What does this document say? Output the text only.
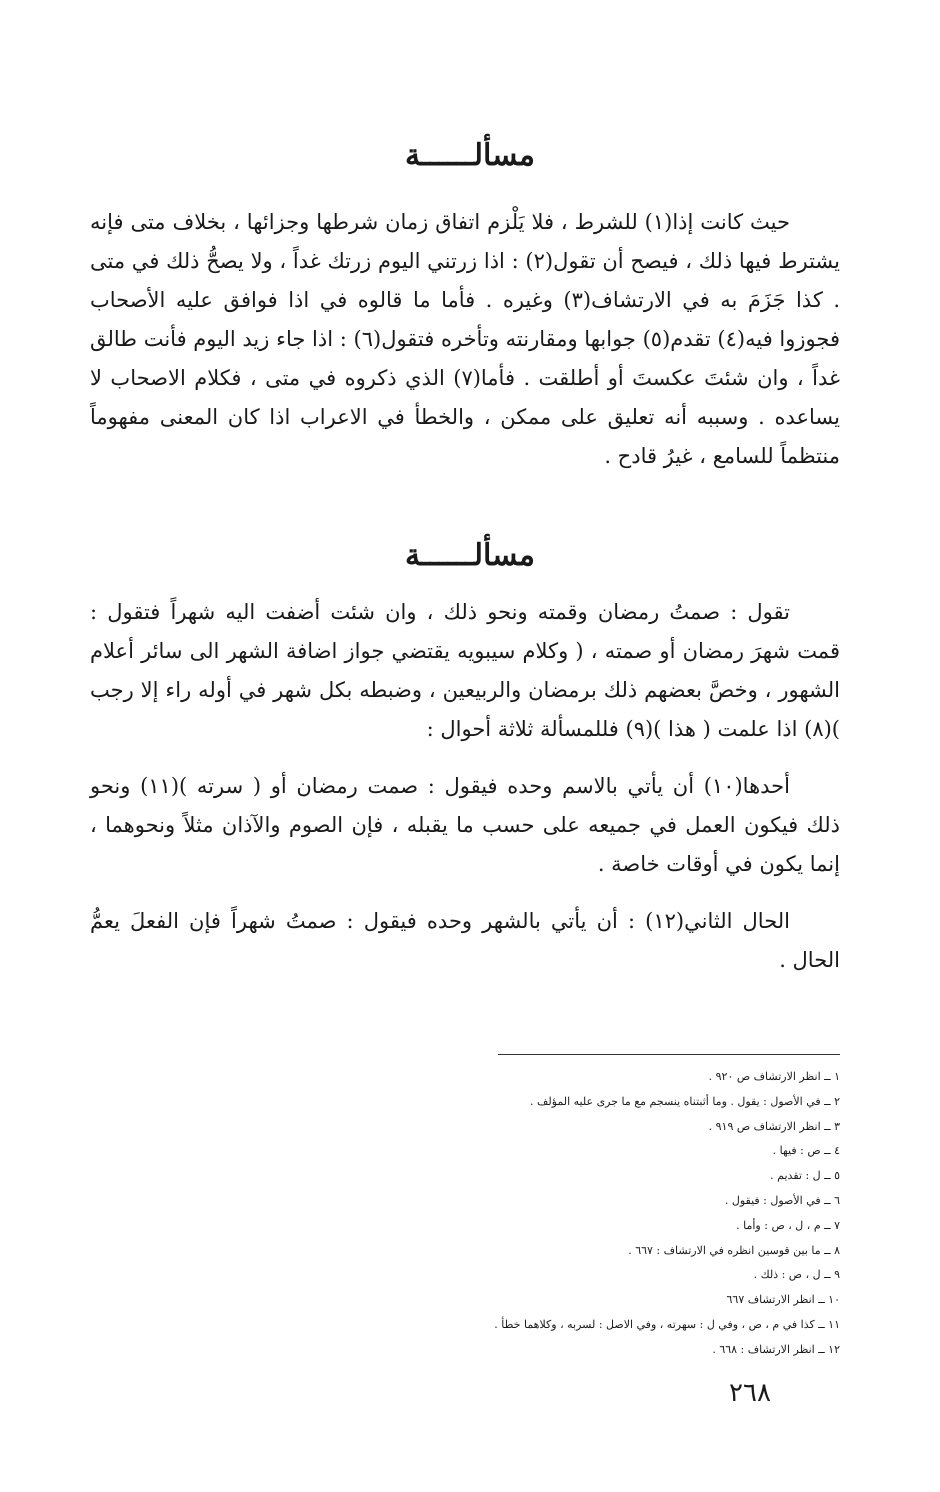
مسألــــــة

حيث كانت إذا(١) للشرط ، فلا يَلْزم اتفاق زمان شرطها وجزائها ، بخلاف متى فإنه يشترط فيها ذلك ، فيصح أن تقول(٢) : اذا زرتني اليوم زرتك غداً ، ولا يصحُّ ذلك في متى . كذا جَزَمَ به في الارتشاف(٣) وغيره . فأما ما قالوه في اذا فوافق عليه الأصحاب فجوزوا فيه(٤) تقدم(٥) جوابها ومقارنته وتأخره فتقول(٦) : اذا جاء زيد اليوم فأنت طالق غداً ، وان شئتَ عكستَ أو أطلقت . فأما(٧) الذي ذكروه في متى ، فكلام الاصحاب لا يساعده . وسببه أنه تعليق على ممكن ، والخطأ في الاعراب اذا كان المعنى مفهوماً منتظماً للسامع ، غيرُ قادح .

مسألــــــة

تقول : صمتُ رمضان وقمته ونحو ذلك ، وان شئت أضفت اليه شهراً فتقول : قمت شهرَ رمضان أو صمته ، ( وكلام سيبويه يقتضي جواز اضافة الشهر الى سائر أعلام الشهور ، وخصَّ بعضهم ذلك برمضان والربيعين ، وضبطه بكل شهر في أوله راء إلا رجب )(٨) اذا علمت ( هذا )(٩) فللمسألة ثلاثة أحوال :

أحدها(١٠) أن يأتي بالاسم وحده فيقول : صمت رمضان أو ( سرته )(١١) ونحو ذلك فيكون العمل في جميعه على حسب ما يقبله ، فإن الصوم والآذان مثلاً ونحوهما ، إنما يكون في أوقات خاصة .

الحال الثاني(١٢) : أن يأتي بالشهر وحده فيقول : صمتُ شهراً فإن الفعلَ يعمُّ الحال .

١ ــ انظر الارتشاف ص ٩٢٠ .
٢ ــ في الأصول : يقول . وما أثبتناه ينسجم مع ما جرى عليه المؤلف .
٣ ــ انظر الارتشاف ص ٩١٩ .
٤ ــ ص : فيها .
٥ ــ ل : تقديم .
٦ ــ في الأصول : فيقول .
٧ ــ م ، ل ، ص : وأما .
٨ ــ ما بين قوسين انظره في الارتشاف : ٦٦٧ .
٩ ــ ل ، ص : ذلك .
١٠ ــ انظر الارتشاف ٦٦٧
١١ ــ كذا في م ، ص ، وفي ل : سهرته ، وفي الاصل : لسربه ، وكلاهما خطأ .
١٢ ــ انظر الارتشاف : ٦٦٨ .
٢٦٨
